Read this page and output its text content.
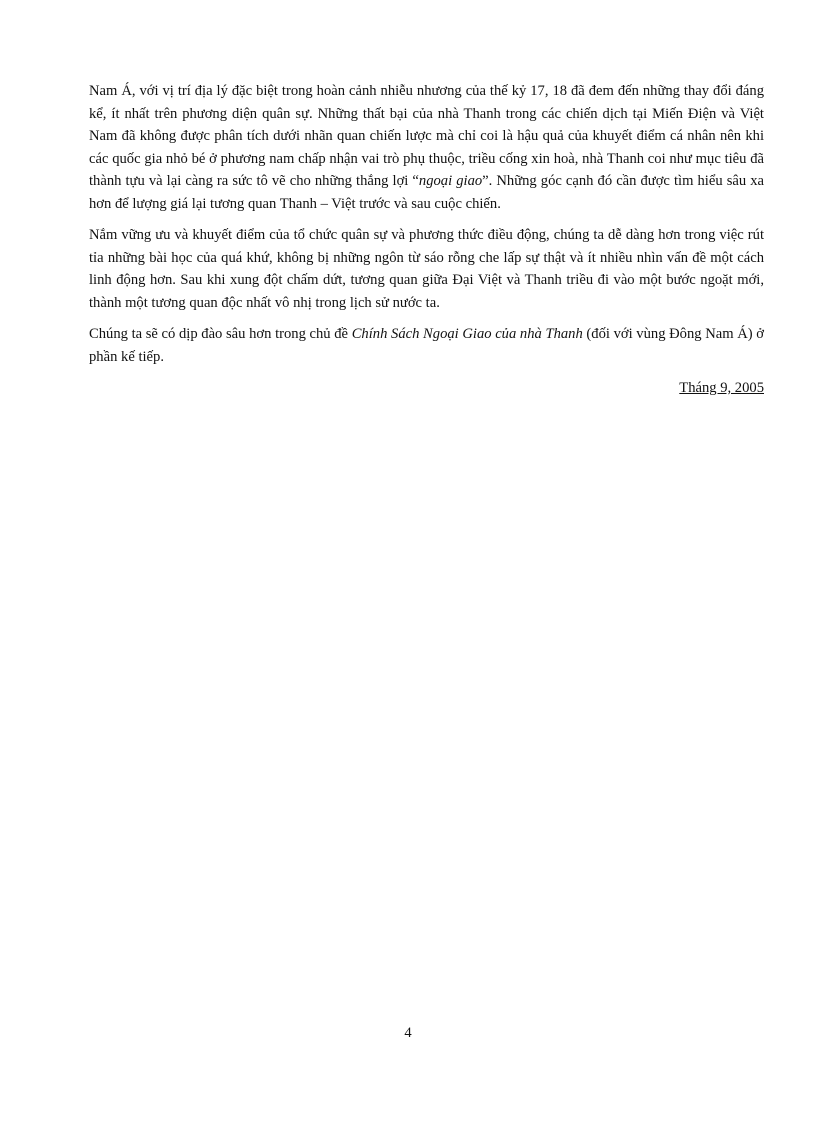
Nam Á, với vị trí địa lý đặc biệt trong hoàn cảnh nhiễu nhương của thế kỷ 17, 18 đã đem đến những thay đổi đáng kể, ít nhất trên phương diện quân sự. Những thất bại của nhà Thanh trong các chiến dịch tại Miến Điện và Việt Nam đã không được phân tích dưới nhãn quan chiến lược mà chỉ coi là hậu quả của khuyết điểm cá nhân nên khi các quốc gia nhỏ bé ở phương nam chấp nhận vai trò phụ thuộc, triều cống xin hoà, nhà Thanh coi như mục tiêu đã thành tựu và lại càng ra sức tô vẽ cho những thắng lợi “ngoại giao”. Những góc cạnh đó cần được tìm hiểu sâu xa hơn để lượng giá lại tương quan Thanh – Việt trước và sau cuộc chiến.

Nắm vững ưu và khuyết điểm của tổ chức quân sự và phương thức điều động, chúng ta dễ dàng hơn trong việc rút tỉa những bài học của quá khứ, không bị những ngôn từ sáo rỗng che lấp sự thật và ít nhiều nhìn vấn đề một cách linh động hơn. Sau khi xung đột chấm dứt, tương quan giữa Đại Việt và Thanh triều đi vào một bước ngoặt mới, thành một tương quan độc nhất vô nhị trong lịch sử nước ta.

Chúng ta sẽ có dịp đào sâu hơn trong chủ đề Chính Sách Ngoại Giao của nhà Thanh (đối với vùng Đông Nam Á) ở phần kế tiếp.

Tháng 9, 2005

4
